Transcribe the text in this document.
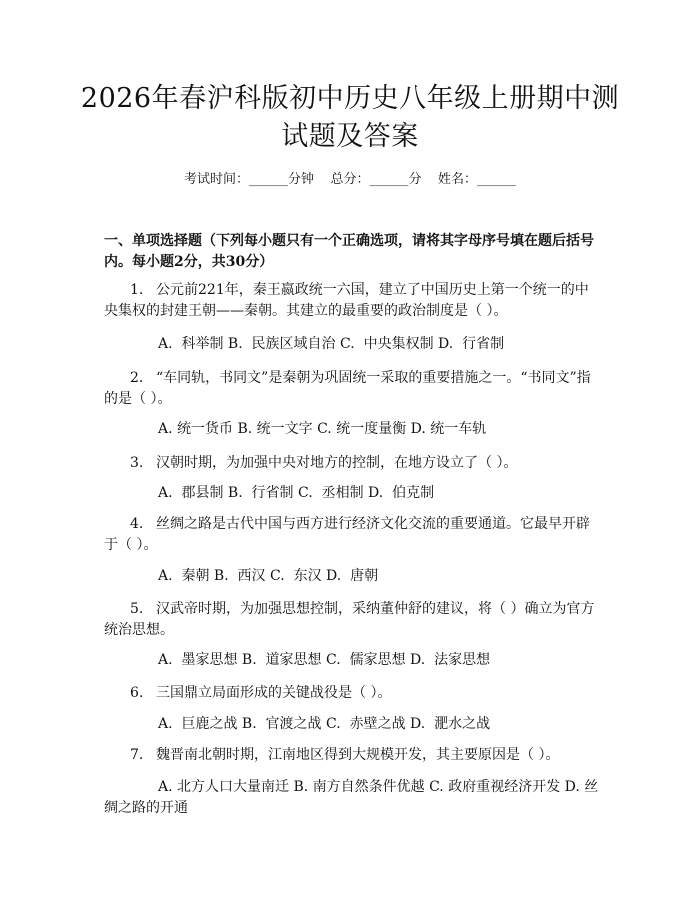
2026年春沪科版初中历史八年级上册期中测
试题及答案
考试时间：______分钟    总分：______分    姓名：______
一、单项选择题（下列每小题只有一个正确选项，请将其字母序号填在题后括号内。每小题2分，共30分）
1. 公元前221年，秦王嬴政统一六国，建立了中国历史上第一个统一的中央集权的封建王朝——秦朝。其建立的最重要的政治制度是（ ）。
A.  科举制 B.  民族区域自治 C.  中央集权制 D.  行省制
2. “车同轨，书同文”是秦朝为巩固统一采取的重要措施之一。“书同文”指的是（ ）。
A. 统一货币 B. 统一文字 C. 统一度量衡 D. 统一车轨
3. 汉朝时期，为加强中央对地方的控制，在地方设立了（ ）。
A.  郡县制 B.  行省制 C.  丞相制 D.  伯克制
4. 丝绸之路是古代中国与西方进行经济文化交流的重要通道。它最早开辟于（ ）。
A.  秦朝 B.  西汉 C.  东汉 D.  唐朝
5. 汉武帝时期，为加强思想控制，采纳董仲舒的建议，将（ ）确立为官方统治思想。
A.  墨家思想 B.  道家思想 C.  儒家思想 D.  法家思想
6. 三国鼎立局面形成的关键战役是（ ）。
A.  巨鹿之战 B.  官渡之战 C.  赤壁之战 D.  淝水之战
7. 魏晋南北朝时期，江南地区得到大规模开发，其主要原因是（ ）。
A. 北方人口大量南迁 B. 南方自然条件优越 C. 政府重视经济开发 D. 丝绸之路的开通
